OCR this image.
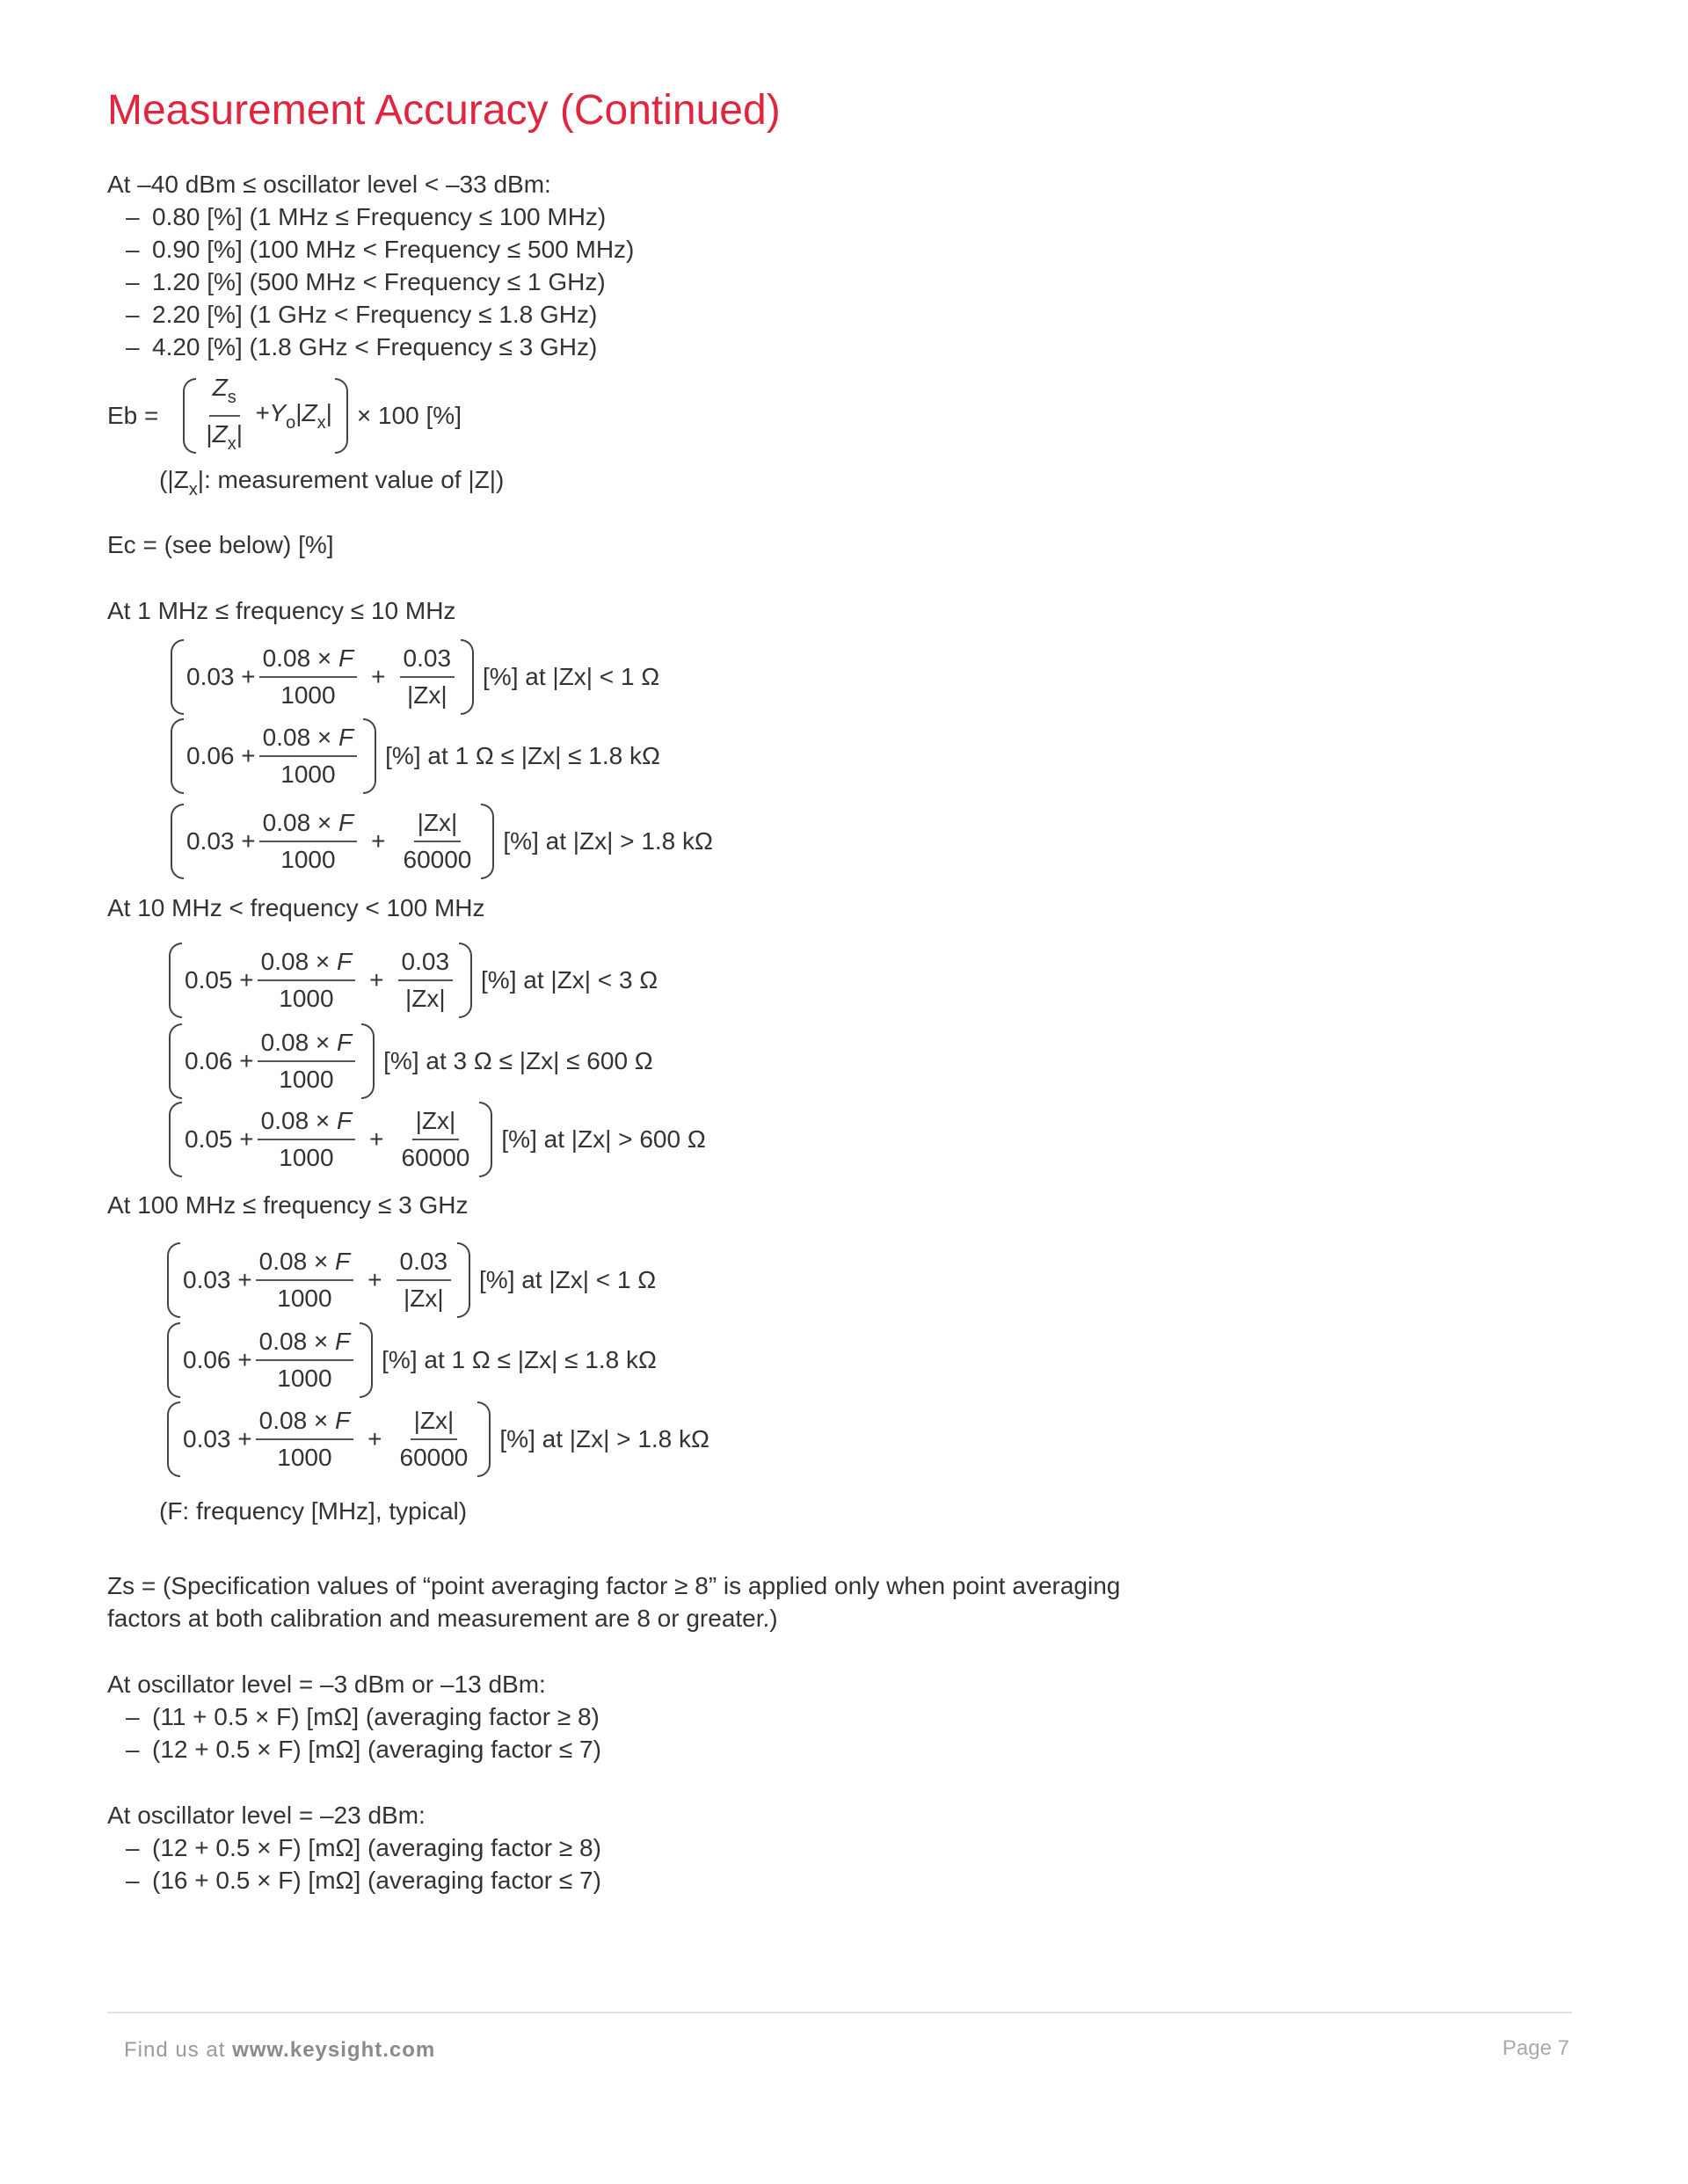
Measurement Accuracy (Continued)
At –40 dBm ≤ oscillator level < –33 dBm:
– 0.80 [%] (1 MHz ≤ Frequency ≤ 100 MHz)
– 0.90 [%] (100 MHz < Frequency ≤ 500 MHz)
– 1.20 [%] (500 MHz < Frequency ≤ 1 GHz)
– 2.20 [%] (1 GHz < Frequency ≤ 1.8 GHz)
– 4.20 [%] (1.8 GHz < Frequency ≤ 3 GHz)
$Eb = \frac{Z_s}{|Z_x|} +Y_o|Z_x| \times 100$ [%]
($|Z_x|$: measurement value of |Z|)
Ec = (see below) [%]
At 1 MHz ≤ frequency ≤ 10 MHz
$0.03 + \frac{0.08 \times F}{1000} + \frac{0.03}{|Zx|}$ [%] at |Zx| < 1 Ω
$0.06 + \frac{0.08 \times F}{1000}$ [%] at 1 Ω ≤ |Zx| ≤ 1.8 kΩ
$0.03 + \frac{0.08 \times F}{1000} + \frac{|Zx|}{60000}$ [%] at |Zx| > 1.8 kΩ
At 10 MHz < frequency < 100 MHz
$0.05 + \frac{0.08 \times F}{1000} + \frac{0.03}{|Zx|}$ [%] at |Zx| < 3 Ω
$0.06 + \frac{0.08 \times F}{1000}$ [%] at 3 Ω ≤ |Zx| ≤ 600 Ω
$0.05 + \frac{0.08 \times F}{1000} + \frac{|Zx|}{60000}$ [%] at |Zx| > 600 Ω
At 100 MHz ≤ frequency ≤ 3 GHz
$0.03 + \frac{0.08 \times F}{1000} + \frac{0.03}{|Zx|}$ [%] at |Zx| < 1 Ω
$0.06 + \frac{0.08 \times F}{1000}$ [%] at 1 Ω ≤ |Zx| ≤ 1.8 kΩ
$0.03 + \frac{0.08 \times F}{1000} + \frac{|Zx|}{60000}$ [%] at |Zx| > 1.8 kΩ
(F: frequency [MHz], typical)
Zs = (Specification values of “point averaging factor ≥ 8” is applied only when point averaging
factors at both calibration and measurement are 8 or greater.)
At oscillator level = –3 dBm or –13 dBm:
– (11 + 0.5 × F) [mΩ] (averaging factor ≥ 8)
– (12 + 0.5 × F) [mΩ] (averaging factor ≤ 7)
At oscillator level = –23 dBm:
– (12 + 0.5 × F) [mΩ] (averaging factor ≥ 8)
– (16 + 0.5 × F) [mΩ] (averaging factor ≤ 7)
Find us at www.keysight.com	Page 7
